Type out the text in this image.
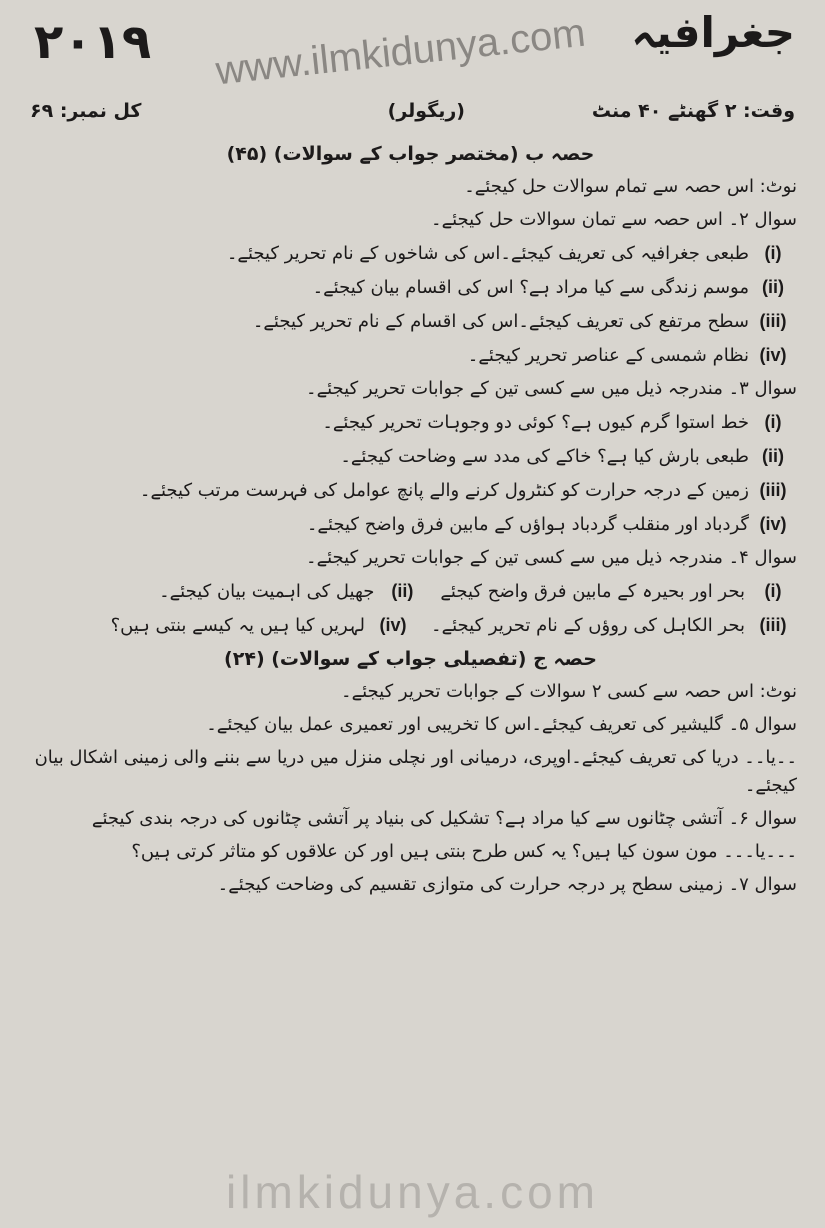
۲۰۱۹ www.ilmkidunya.com جغرافیہ
وقت: ۲ گھنٹے ۴۰ منٹ
(ریگولر)
کل نمبر: ۶۹
حصہ ب (مختصر جواب کے سوالات) (۴۵)
نوٹ: اس حصہ سے تمام سوالات حل کیجئے۔
سوال ۲۔ اس حصہ سے تمان سوالات حل کیجئے۔
(i)
طبعی جغرافیہ کی تعریف کیجئے۔اس کی شاخوں کے نام تحریر کیجئے۔
(ii)
موسم زندگی سے کیا مراد ہے؟ اس کی اقسام بیان کیجئے۔
(iii)
سطح مرتفع کی تعریف کیجئے۔اس کی اقسام کے نام تحریر کیجئے۔
(iv)
نظام شمسی کے عناصر تحریر کیجئے۔
سوال ۳۔ مندرجہ ذیل میں سے کسی تین کے جوابات تحریر کیجئے۔
(i)
خط استوا گرم کیوں ہے؟ کوئی دو وجوہات تحریر کیجئے۔
(ii)
طبعی بارش کیا ہے؟ خاکے کی مدد سے وضاحت کیجئے۔
(iii)
زمین کے درجہ حرارت کو کنٹرول کرنے والے پانچ عوامل کی فہرست مرتب کیجئے۔
(iv)
گردباد اور منقلب گردباد ہواؤں کے مابین فرق واضح کیجئے۔
سوال ۴۔ مندرجہ ذیل میں سے کسی تین کے جوابات تحریر کیجئے۔
(i)
بحر اور بحیرہ کے مابین فرق واضح کیجئے
(ii)
جھیل کی اہمیت بیان کیجئے۔
(iii)
بحر الکاہل کی روؤں کے نام تحریر کیجئے۔
(iv)
لہریں کیا ہیں یہ کیسے بنتی ہیں؟
حصہ ج (تفصیلی جواب کے سوالات) (۲۴)
نوٹ: اس حصہ سے کسی ۲ سوالات کے جوابات تحریر کیجئے۔
سوال ۵۔ گلیشیر کی تعریف کیجئے۔اس کا تخریبی اور تعمیری عمل بیان کیجئے۔
۔۔یا۔۔ دریا کی تعریف کیجئے۔اوپری، درمیانی اور نچلی منزل میں دریا سے بننے والی زمینی اشکال بیان کیجئے۔
سوال ۶۔ آتشی چٹانوں سے کیا مراد ہے؟ تشکیل کی بنیاد پر آتشی چٹانوں کی درجہ بندی کیجئے
۔۔۔یا۔۔۔ مون سون کیا ہیں؟ یہ کس طرح بنتی ہیں اور کن علاقوں کو متاثر کرتی ہیں؟
سوال ۷۔ زمینی سطح پر درجہ حرارت کی متوازی تقسیم کی وضاحت کیجئے۔
ilmkidunya.com
